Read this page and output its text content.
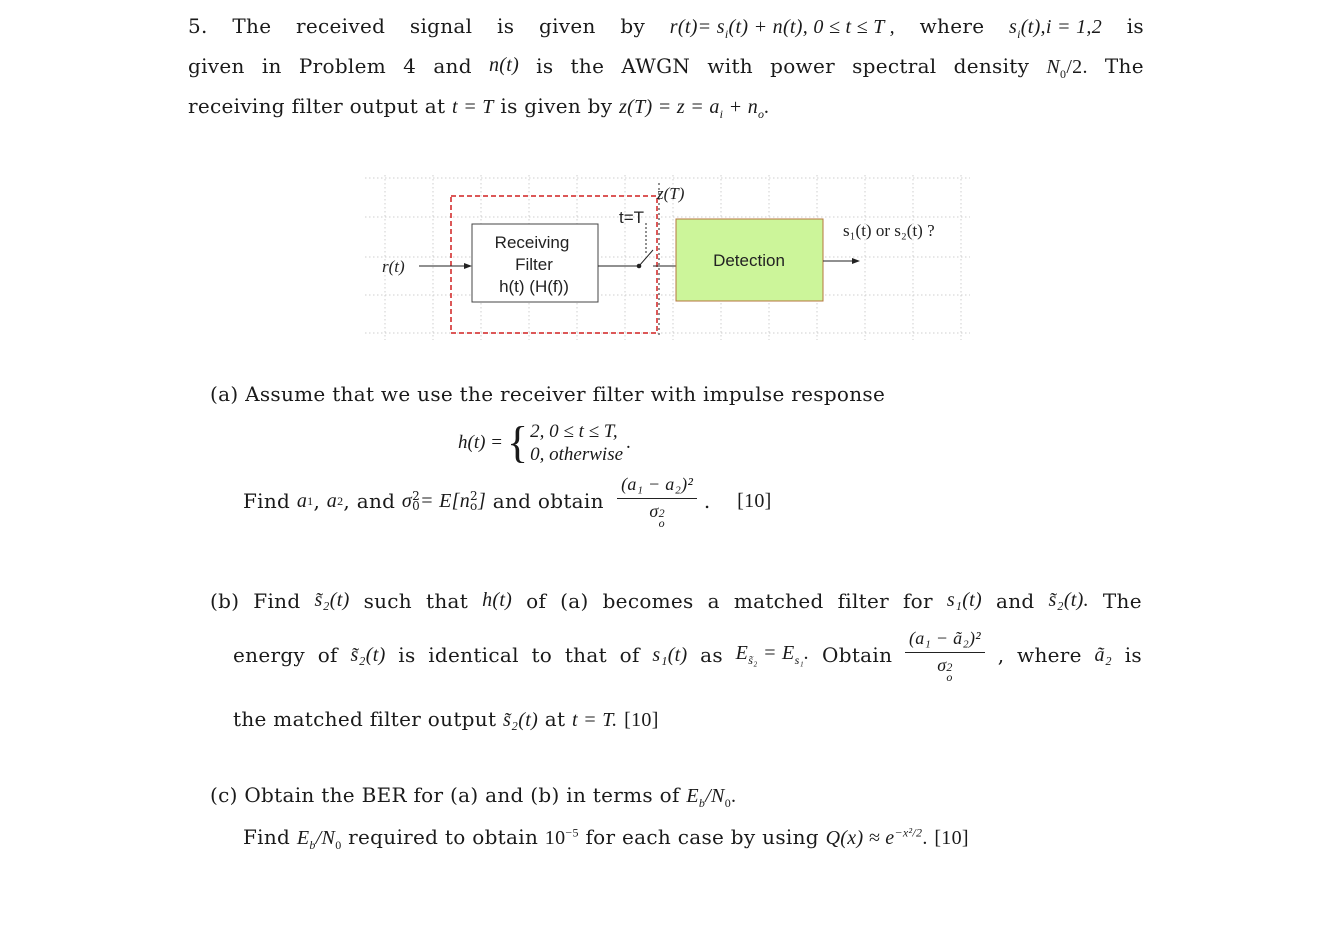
5. The received signal is given by $r(t)= s_i(t) + n(t)$, 0 ≤ t ≤ T , where $s_i(t),i = 1,2$ is
given in Problem 4 and n(t) is the AWGN with power spectral density $N_0/2$. The
receiving filter output at t = T is given by $z(T) = z = a_i + n_o$.
r(t)
Receiving
Filter
h(t) (H(f))
t=T
z(T)
Detection
s₁(t) or s₂(t) ?
(a) Assume that we use the receiver filter with impulse response
h(t) = { 2, 0 ≤ t ≤ T,
0, otherwise
.
Find
a 1 , a 2 , and
σ 2
0 = E[n 2
o ]
and obtain
(a₁ − a₂)²
σ 2
o . [10]
(b) Find s̃₂(t) such that h(t) of (a) becomes a matched filter for s₁(t) and s̃₂(t). The
energy of s̃₂(t) is identical to that of s₁(t) as $E_{s̃_2} = E_{s_1}$. Obtain (a₁ − ã₂)²
σ 2
o , where ã₂ is
the matched filter output s̃₂(t) at t = T. [10]
(c) Obtain the BER for (a) and (b) in terms of $E_b/N_0$.
Find $E_b/N_0$ required to obtain $10^{-5}$ for each case by using $Q(x) \approx e^{-x^2/2}$. [10]
